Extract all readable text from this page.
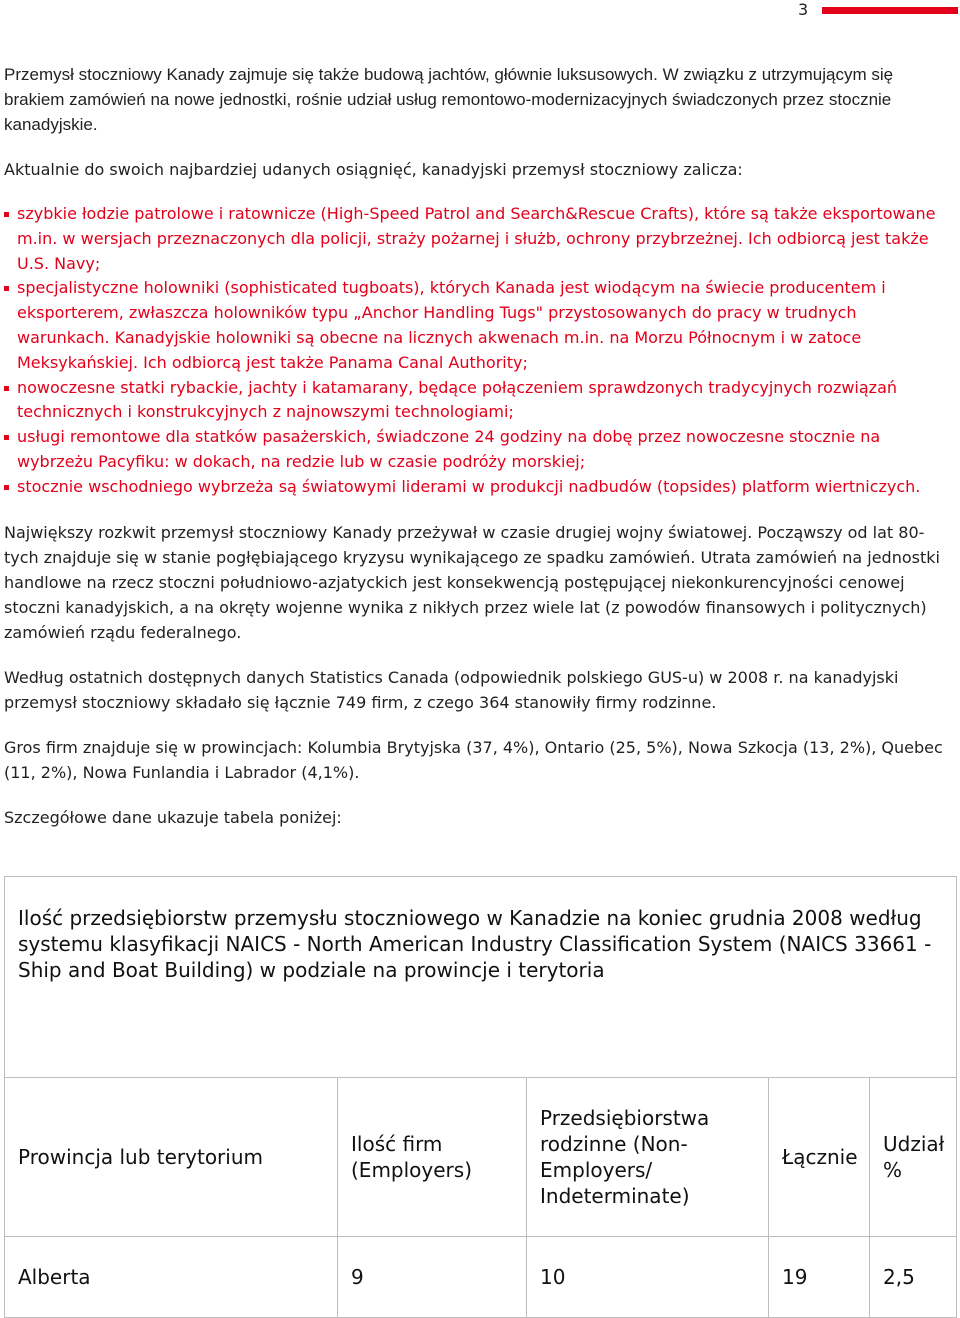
3

Przemysł stoczniowy Kanady zajmuje się także budową jachtów, głównie luksusowych. W związku z utrzymującym się brakiem zamówień na nowe jednostki, rośnie udział usług remontowo-modernizacyjnych świadczonych przez stocznie kanadyjskie.

Aktualnie do swoich najbardziej udanych osiągnięć, kanadyjski przemysł stoczniowy zalicza:

szybkie łodzie patrolowe i ratownicze (High-Speed Patrol and Search&Rescue Crafts), które są także eksportowane m.in. w wersjach przeznaczonych dla policji, straży pożarnej i służb, ochrony przybrzeżnej. Ich odbiorcą jest także U.S. Navy;
specjalistyczne holowniki (sophisticated tugboats), których Kanada jest wiodącym na świecie producentem i eksporterem, zwłaszcza holowników typu „Anchor Handling Tugs" przystosowanych do pracy w trudnych warunkach. Kanadyjskie holowniki są obecne na licznych akwenach m.in. na Morzu Północnym i w zatoce Meksykańskiej. Ich odbiorcą jest także Panama Canal Authority;
nowoczesne statki rybackie, jachty i katamarany, będące połączeniem sprawdzonych tradycyjnych rozwiązań technicznych i konstrukcyjnych z najnowszymi technologiami;
usługi remontowe dla statków pasażerskich, świadczone 24 godziny na dobę przez nowoczesne stocznie na wybrzeżu Pacyfiku: w dokach, na redzie lub w czasie podróży morskiej;
stocznie wschodniego wybrzeża są światowymi liderami w produkcji nadbudów (topsides) platform wiertniczych.

Największy rozkwit przemysł stoczniowy Kanady przeżywał w czasie drugiej wojny światowej. Począwszy od lat 80-tych znajduje się w stanie pogłębiającego kryzysu wynikającego ze spadku zamówień. Utrata zamówień na jednostki handlowe na rzecz stoczni południowo-azjatyckich jest konsekwencją postępującej niekonkurencyjności cenowej stoczni kanadyjskich, a na okręty wojenne wynika z nikłych przez wiele lat (z powodów finansowych i politycznych) zamówień rządu federalnego.

Według ostatnich dostępnych danych Statistics Canada (odpowiednik polskiego GUS-u) w 2008 r. na kanadyjski przemysł stoczniowy składało się łącznie 749 firm, z czego 364 stanowiły firmy rodzinne.

Gros firm znajduje się w prowincjach: Kolumbia Brytyjska (37, 4%), Ontario (25, 5%), Nowa Szkocja (13, 2%), Quebec (11, 2%), Nowa Funlandia i Labrador (4,1%).

Szczegółowe dane ukazuje tabela poniżej:

Ilość przedsiębiorstw przemysłu stoczniowego w Kanadzie na koniec grudnia 2008 według systemu klasyfikacji NAICS - North American Industry Classification System (NAICS 33661 - Ship and Boat Building) w podziale na prowincje i terytoria				
Prowincja lub terytorium	Ilość firm (Employers)	Przedsiębiorstwa rodzinne (Non-Employers/ Indeterminate)	Łącznie	Udział %
Alberta	9	10	19	2,5
